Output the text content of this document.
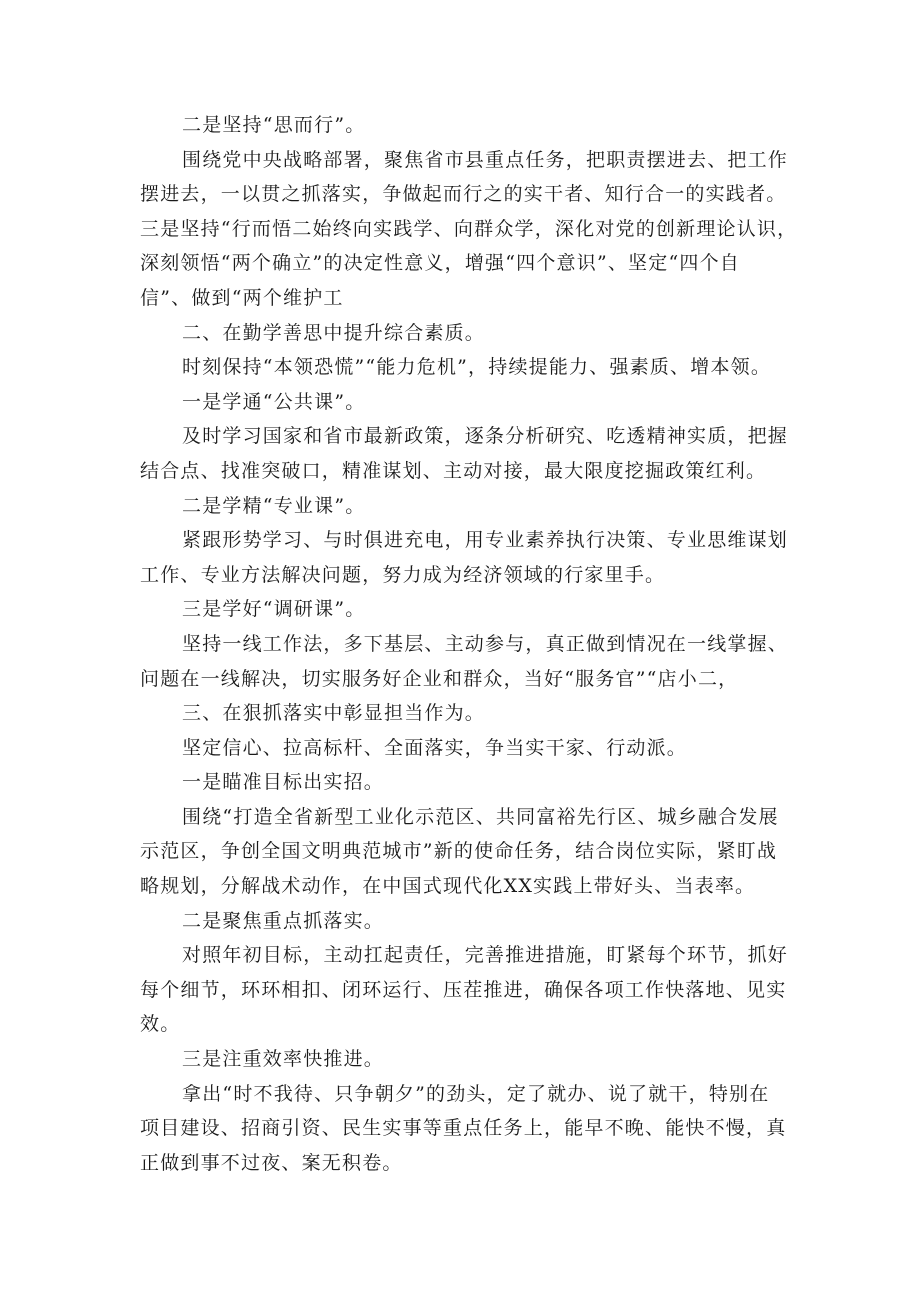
二是坚持“思而行”。
围绕党中央战略部署，聚焦省市县重点任务，把职责摆进去、把工作
摆进去，一以贯之抓落实，争做起而行之的实干者、知行合一的实践者。
三是坚持“行而悟二始终向实践学、向群众学，深化对党的创新理论认识，
深刻领悟“两个确立”的决定性意义，增强“四个意识”、坚定“四个自
信”、做到“两个维护工
二、在勤学善思中提升综合素质。
时刻保持“本领恐慌”“能力危机”，持续提能力、强素质、增本领。
一是学通“公共课”。
及时学习国家和省市最新政策，逐条分析研究、吃透精神实质，把握
结合点、找准突破口，精准谋划、主动对接，最大限度挖掘政策红利。
二是学精“专业课”。
紧跟形势学习、与时俱进充电，用专业素养执行决策、专业思维谋划
工作、专业方法解决问题，努力成为经济领域的行家里手。
三是学好“调研课”。
坚持一线工作法，多下基层、主动参与，真正做到情况在一线掌握、
问题在一线解决，切实服务好企业和群众，当好“服务官”“店小二，
三、在狠抓落实中彰显担当作为。
坚定信心、拉高标杆、全面落实，争当实干家、行动派。
一是瞄准目标出实招。
围绕“打造全省新型工业化示范区、共同富裕先行区、城乡融合发展
示范区，争创全国文明典范城市”新的使命任务，结合岗位实际，紧盯战
略规划，分解战术动作，在中国式现代化XX实践上带好头、当表率。
二是聚焦重点抓落实。
对照年初目标，主动扛起责任，完善推进措施，盯紧每个环节，抓好
每个细节，环环相扣、闭环运行、压茬推进，确保各项工作快落地、见实
效。
三是注重效率快推进。
拿出“时不我待、只争朝夕”的劲头，定了就办、说了就干，特别在
项目建设、招商引资、民生实事等重点任务上，能早不晚、能快不慢，真
正做到事不过夜、案无积卷。
